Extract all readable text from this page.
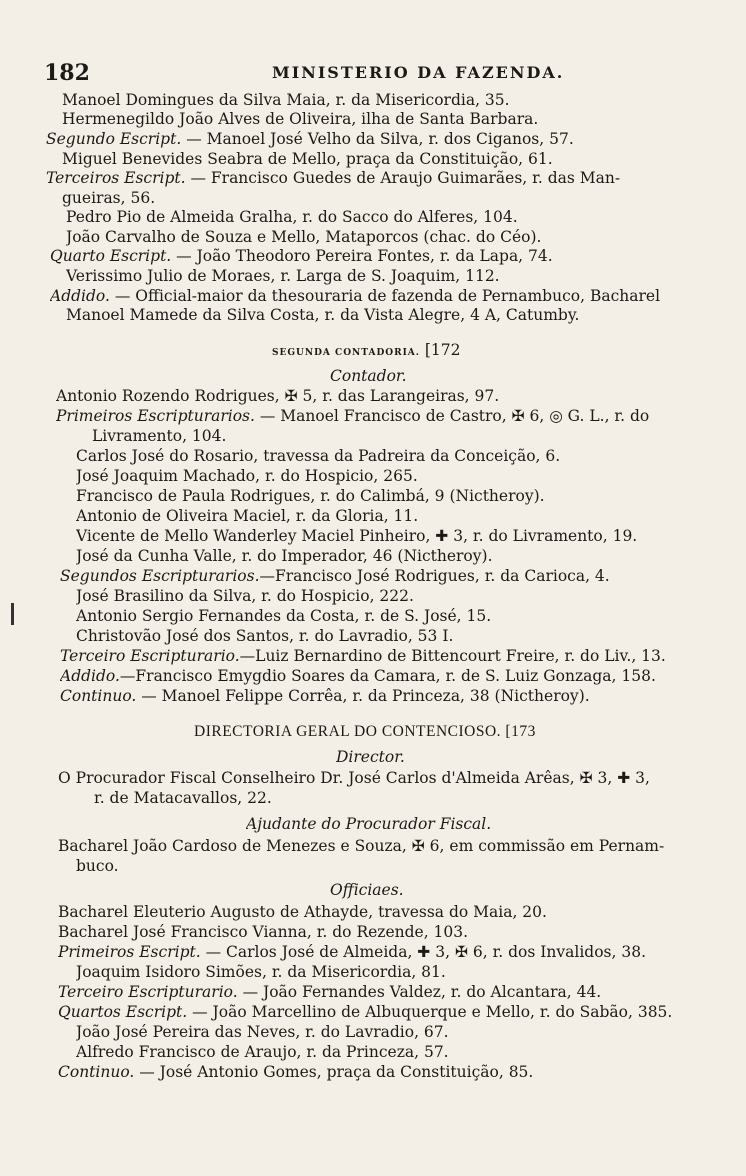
182	MINISTERIO DA FAZENDA.
Manoel Domingues da Silva Maia, r. da Misericordia, 35.
Hermenegildo João Alves de Oliveira, ilha de Santa Barbara.
Segundo Escript. — Manoel José Velho da Silva, r. dos Ciganos, 57.
Miguel Benevides Seabra de Mello, praça da Constituição, 61.
Terceiros Escript. — Francisco Guedes de Araujo Guimarães, r. das Man-
gueiras, 56.
Pedro Pio de Almeida Gralha, r. do Sacco do Alferes, 104.
João Carvalho de Souza e Mello, Mataporcos (chac. do Céo).
Quarto Escript. — João Theodoro Pereira Fontes, r. da Lapa, 74.
Verissimo Julio de Moraes, r. Larga de S. Joaquim, 112.
Addido. — Official-maior da thesouraria de fazenda de Pernambuco, Bacharel
Manoel Mamede da Silva Costa, r. da Vista Alegre, 4 A, Catumby.
SEGUNDA CONTADORIA. [172
Contador.
Antonio Rozendo Rodrigues, ✠ 5, r. das Larangeiras, 97.
Primeiros Escripturarios. — Manoel Francisco de Castro, ✠ 6, ◎ G. L., r. do
Livramento, 104.
Carlos José do Rosario, travessa da Padreira da Conceição, 6.
José Joaquim Machado, r. do Hospicio, 265.
Francisco de Paula Rodrigues, r. do Calimbá, 9 (Nictheroy).
Antonio de Oliveira Maciel, r. da Gloria, 11.
Vicente de Mello Wanderley Maciel Pinheiro, ✚ 3, r. do Livramento, 19.
José da Cunha Valle, r. do Imperador, 46 (Nictheroy).
Segundos Escripturarios.—Francisco José Rodrigues, r. da Carioca, 4.
José Brasilino da Silva, r. do Hospicio, 222.
Antonio Sergio Fernandes da Costa, r. de S. José, 15.
Christovão José dos Santos, r. do Lavradio, 53 I.
Terceiro Escripturario.—Luiz Bernardino de Bittencourt Freire, r. do Liv., 13.
Addido.—Francisco Emygdio Soares da Camara, r. de S. Luiz Gonzaga, 158.
Continuo. — Manoel Felippe Corrêa, r. da Princeza, 38 (Nictheroy).
DIRECTORIA GERAL DO CONTENCIOSO. [173
Director.
O Procurador Fiscal Conselheiro Dr. José Carlos d'Almeida Arêas, ✠ 3, ✚ 3,
r. de Matacavallos, 22.
Ajudante do Procurador Fiscal.
Bacharel João Cardoso de Menezes e Souza, ✠ 6, em commissão em Pernam-
buco.
Officiaes.
Bacharel Eleuterio Augusto de Athayde, travessa do Maia, 20.
Bacharel José Francisco Vianna, r. do Rezende, 103.
Primeiros Escript. — Carlos José de Almeida, ✚ 3, ✠ 6, r. dos Invalidos, 38.
Joaquim Isidoro Simões, r. da Misericordia, 81.
Terceiro Escripturario. — João Fernandes Valdez, r. do Alcantara, 44.
Quartos Escript. — João Marcellino de Albuquerque e Mello, r. do Sabão, 385.
João José Pereira das Neves, r. do Lavradio, 67.
Alfredo Francisco de Araujo, r. da Princeza, 57.
Continuo. — José Antonio Gomes, praça da Constituição, 85.
